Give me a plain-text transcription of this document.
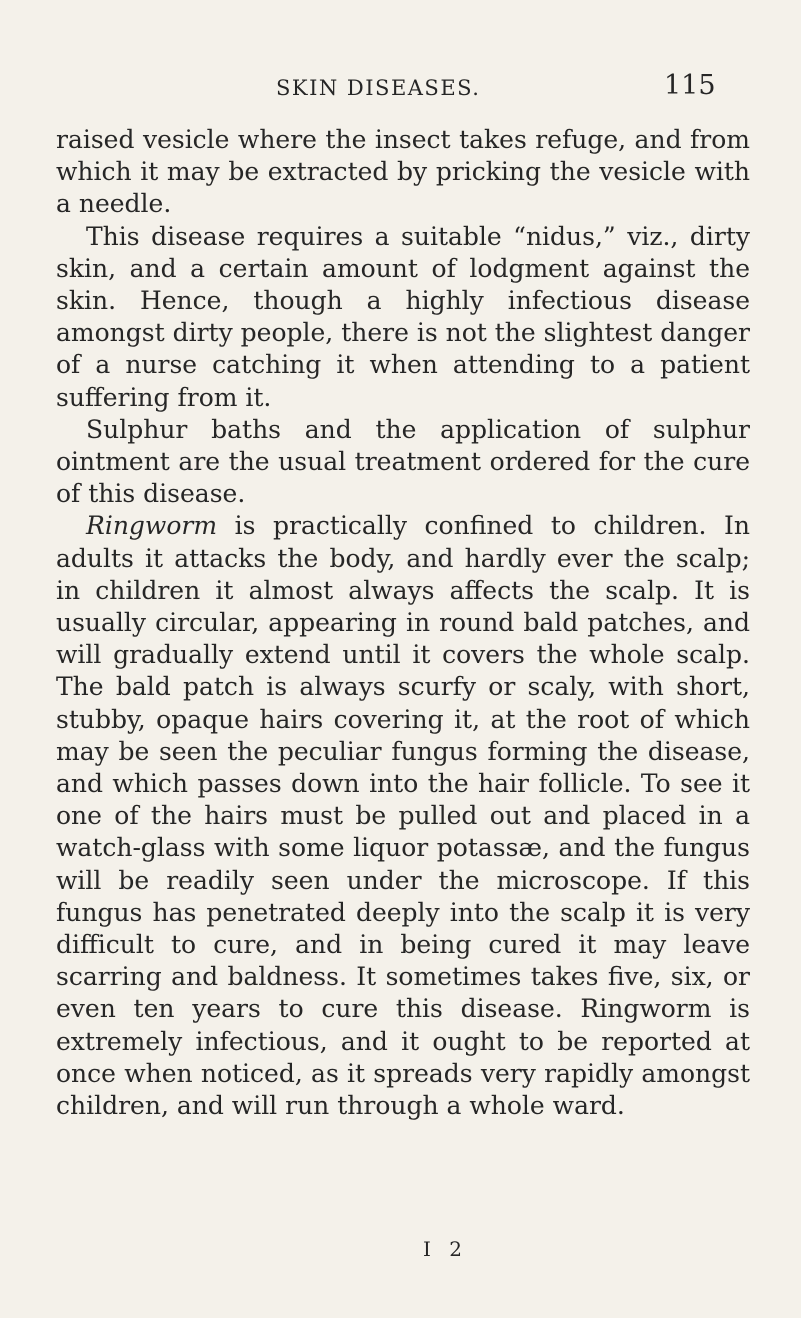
SKIN DISEASES.	115

raised vesicle where the insect takes refuge, and from which it may be extracted by pricking the vesicle with a needle.

This disease requires a suitable “nidus,” viz., dirty skin, and a certain amount of lodgment against the skin. Hence, though a highly infectious disease amongst dirty people, there is not the slightest danger of a nurse catching it when attending to a patient suffering from it.

Sulphur baths and the application of sulphur ointment are the usual treatment ordered for the cure of this disease.

Ringworm is practically confined to children. In adults it attacks the body, and hardly ever the scalp; in children it almost always affects the scalp. It is usually circular, appearing in round bald patches, and will gradually extend until it covers the whole scalp. The bald patch is always scurfy or scaly, with short, stubby, opaque hairs covering it, at the root of which may be seen the peculiar fungus forming the disease, and which passes down into the hair follicle. To see it one of the hairs must be pulled out and placed in a watch-glass with some liquor potassæ, and the fungus will be readily seen under the microscope. If this fungus has penetrated deeply into the scalp it is very difficult to cure, and in being cured it may leave scarring and baldness. It sometimes takes five, six, or even ten years to cure this disease. Ringworm is extremely infectious, and it ought to be reported at once when noticed, as it spreads very rapidly amongst children, and will run through a whole ward.

I 2
